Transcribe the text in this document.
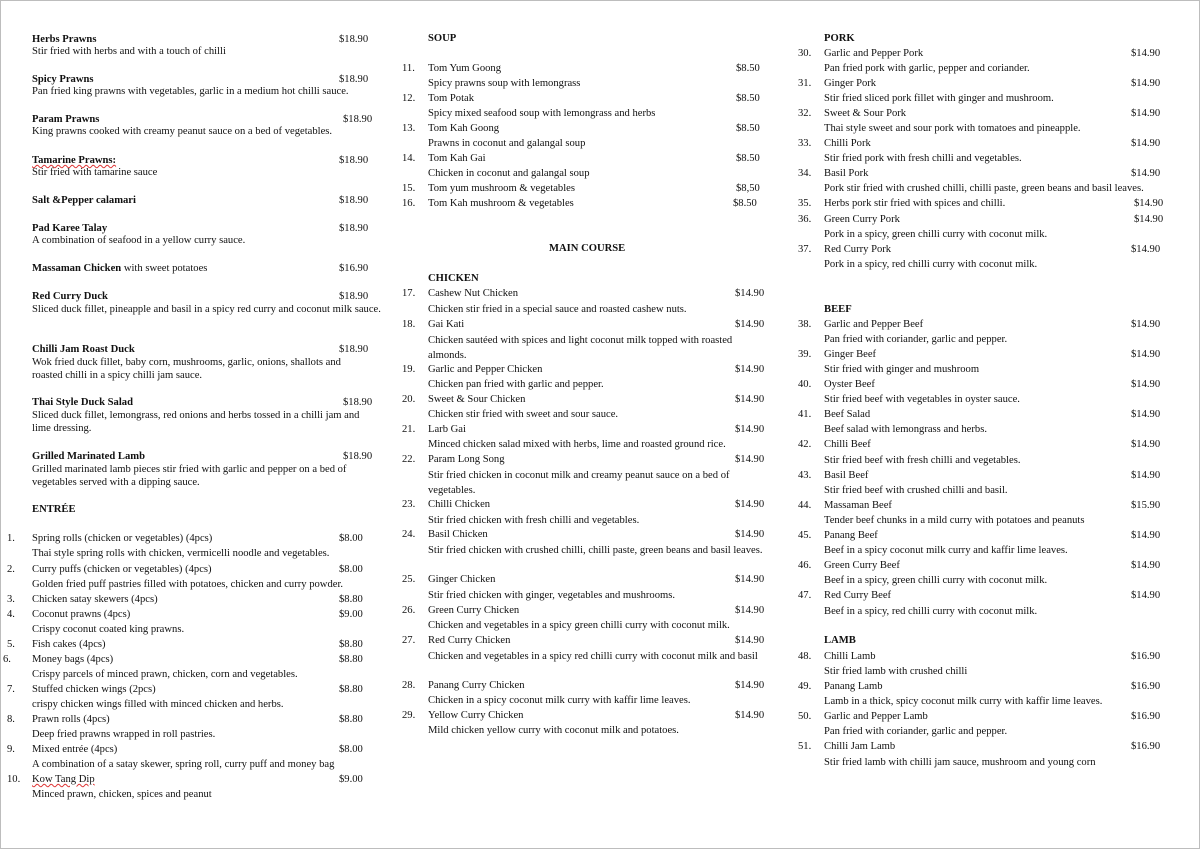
Herbs Prawns	$18.90
Stir fried with herbs and with a touch of chilli
Spicy Prawns	$18.90
Pan fried king prawns with vegetables, garlic in a medium hot chilli sauce.
Param Prawns	$18.90
King prawns cooked with creamy peanut sauce on a bed of vegetables.
Tamarine Prawns:	$18.90
Stir fried with tamarine sauce
Salt &Pepper calamari	$18.90
Pad Karee Talay	$18.90
A combination of seafood in a yellow curry sauce.
Massaman Chicken with sweet potatoes	$16.90
Red Curry Duck	$18.90
Sliced duck fillet, pineapple and basil in a spicy red curry and coconut milk sauce.
Chilli Jam Roast Duck	$18.90
Wok fried duck fillet, baby corn, mushrooms, garlic, onions, shallots and roasted chilli in a spicy chilli jam sauce.
Thai Style Duck Salad	$18.90
Sliced duck fillet, lemongrass, red onions and herbs tossed in a chilli jam and lime dressing.
Grilled Marinated Lamb	$18.90
Grilled marinated lamb pieces stir fried with garlic and pepper on a bed of vegetables served with a dipping sauce.
ENTRÉE
1. Spring rolls (chicken or vegetables) (4pcs)	$8.00
Thai style spring rolls with chicken, vermicelli noodle and vegetables.
2. Curry puffs (chicken or vegetables) (4pcs)	$8.00
Golden fried puff pastries filled with potatoes, chicken and curry powder.
3. Chicken satay skewers (4pcs)	$8.80
4. Coconut prawns (4pcs)	$9.00
Crispy coconut coated king prawns.
5. Fish cakes (4pcs)	$8.80
6. Money bags (4pcs)	$8.80
Crispy parcels of minced prawn, chicken, corn and vegetables.
7. Stuffed chicken wings (2pcs)	$8.80
crispy chicken wings filled with minced chicken and herbs.
8. Prawn rolls (4pcs)	$8.80
Deep fried prawns wrapped in roll pastries.
9. Mixed entrée (4pcs)	$8.00
A combination of a satay skewer, spring roll, curry puff and money bag
10. Kow Tang Dip	$9.00
Minced prawn, chicken, spices and peanut
SOUP
11. Tom Yum Goong	$8.50
Spicy prawns soup with lemongrass
12. Tom Potak	$8.50
Spicy mixed seafood soup with lemongrass and herbs
13. Tom Kah Goong	$8.50
Prawns in coconut and galangal soup
14. Tom Kah Gai	$8.50
Chicken in coconut and galangal soup
15. Tom yum mushroom & vegetables	$8,50
16. Tom Kah mushroom & vegetables	$8.50
MAIN COURSE
CHICKEN
17. Cashew Nut Chicken	$14.90
Chicken stir fried in a special sauce and roasted cashew nuts.
18. Gai Kati	$14.90
Chicken sautéed with spices and light coconut milk topped with roasted almonds.
19. Garlic and Pepper Chicken	$14.90
Chicken pan fried with garlic and pepper.
20. Sweet & Sour Chicken	$14.90
Chicken stir fried with sweet and sour sauce.
21. Larb Gai	$14.90
Minced chicken salad mixed with herbs, lime and roasted ground rice.
22. Param Long Song	$14.90
Stir fried chicken in coconut milk and creamy peanut sauce on a bed of vegetables.
23. Chilli Chicken	$14.90
Stir fried chicken with fresh chilli and vegetables.
24. Basil Chicken	$14.90
Stir fried chicken with crushed chilli, chilli paste, green beans and basil leaves.
25. Ginger Chicken	$14.90
Stir fried chicken with ginger, vegetables and mushrooms.
26. Green Curry Chicken	$14.90
Chicken and vegetables in a spicy green chilli curry with coconut milk.
27. Red Curry Chicken	$14.90
Chicken and vegetables in a spicy red chilli curry with coconut milk and basil
28. Panang Curry Chicken	$14.90
Chicken in a spicy coconut milk curry with kaffir lime leaves.
29. Yellow Curry Chicken	$14.90
Mild chicken yellow curry with coconut milk and potatoes.
PORK
30. Garlic and Pepper Pork	$14.90
Pan fried pork with garlic, pepper and coriander.
31. Ginger Pork	$14.90
Stir fried sliced pork fillet with ginger and mushroom.
32. Sweet & Sour Pork	$14.90
Thai style sweet and sour pork with tomatoes and pineapple.
33. Chilli Pork	$14.90
Stir fried pork with fresh chilli and vegetables.
34. Basil Pork	$14.90
Pork stir fried with crushed chilli, chilli paste, green beans and basil leaves.
35. Herbs pork stir fried with spices and chilli.	$14.90
36. Green Curry Pork	$14.90
Pork in a spicy, green chilli curry with coconut milk.
37. Red Curry Pork	$14.90
Pork in a spicy, red chilli curry with coconut milk.
BEEF
38. Garlic and Pepper Beef	$14.90
Pan fried with coriander, garlic and pepper.
39. Ginger Beef	$14.90
Stir fried with ginger and mushroom
40. Oyster Beef	$14.90
Stir fried beef with vegetables in oyster sauce.
41. Beef Salad	$14.90
Beef salad with lemongrass and herbs.
42. Chilli Beef	$14.90
Stir fried beef with fresh chilli and vegetables.
43. Basil Beef	$14.90
Stir fried beef with crushed chilli and basil.
44. Massaman Beef	$15.90
Tender beef chunks in a mild curry with potatoes and peanuts
45. Panang Beef	$14.90
Beef in a spicy coconut milk curry and kaffir lime leaves.
46. Green Curry Beef	$14.90
Beef in a spicy, green chilli curry with coconut milk.
47. Red Curry Beef	$14.90
Beef in a spicy, red chilli curry with coconut milk.
LAMB
48. Chilli Lamb	$16.90
Stir fried lamb with crushed chilli
49. Panang Lamb	$16.90
Lamb in a thick, spicy coconut milk curry with kaffir lime leaves.
50. Garlic and Pepper Lamb	$16.90
Pan fried with coriander, garlic and pepper.
51. Chilli Jam Lamb	$16.90
Stir fried lamb with chilli jam sauce, mushroom and young corn
